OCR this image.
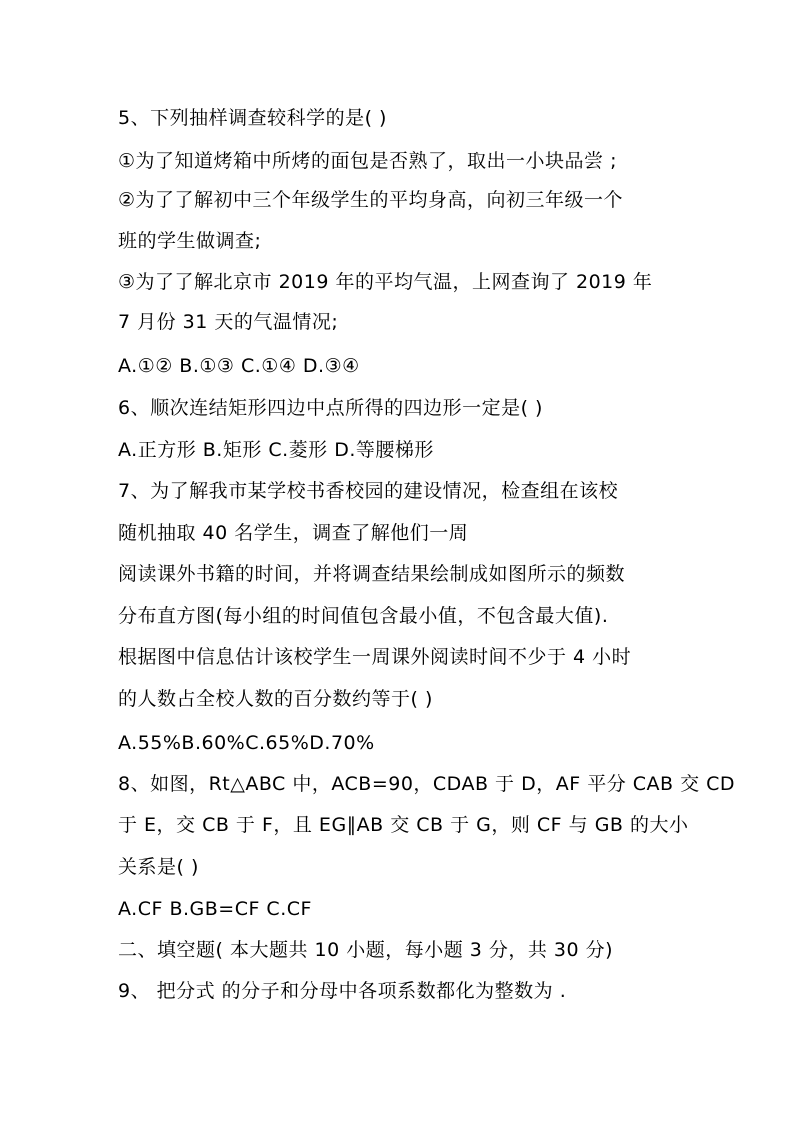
5、下列抽样调查较科学的是( )
①为了知道烤箱中所烤的面包是否熟了，取出一小块品尝 ;
②为了了解初中三个年级学生的平均身高，向初三年级一个
班的学生做调查;
③为了了解北京市 2019 年的平均气温，上网查询了 2019 年
7 月份 31 天的气温情况;
A.①② B.①③ C.①④ D.③④
6、顺次连结矩形四边中点所得的四边形一定是( )
A.正方形 B.矩形 C.菱形 D.等腰梯形
7、为了解我市某学校书香校园的建设情况，检查组在该校
随机抽取 40 名学生，调查了解他们一周
阅读课外书籍的时间，并将调查结果绘制成如图所示的频数
分布直方图(每小组的时间值包含最小值，不包含最大值).
根据图中信息估计该校学生一周课外阅读时间不少于 4 小时
的人数占全校人数的百分数约等于( )
A.55%B.60%C.65%D.70%
8、如图，Rt△ABC 中，ACB=90，CDAB 于 D，AF 平分 CAB 交 CD
于 E，交 CB 于 F，且 EG∥AB 交 CB 于 G，则 CF 与 GB 的大小
关系是( )
A.CF B.GB=CF C.CF
二、填空题( 本大题共 10 小题，每小题 3 分，共 30 分)
9、 把分式 的分子和分母中各项系数都化为整数为 .
